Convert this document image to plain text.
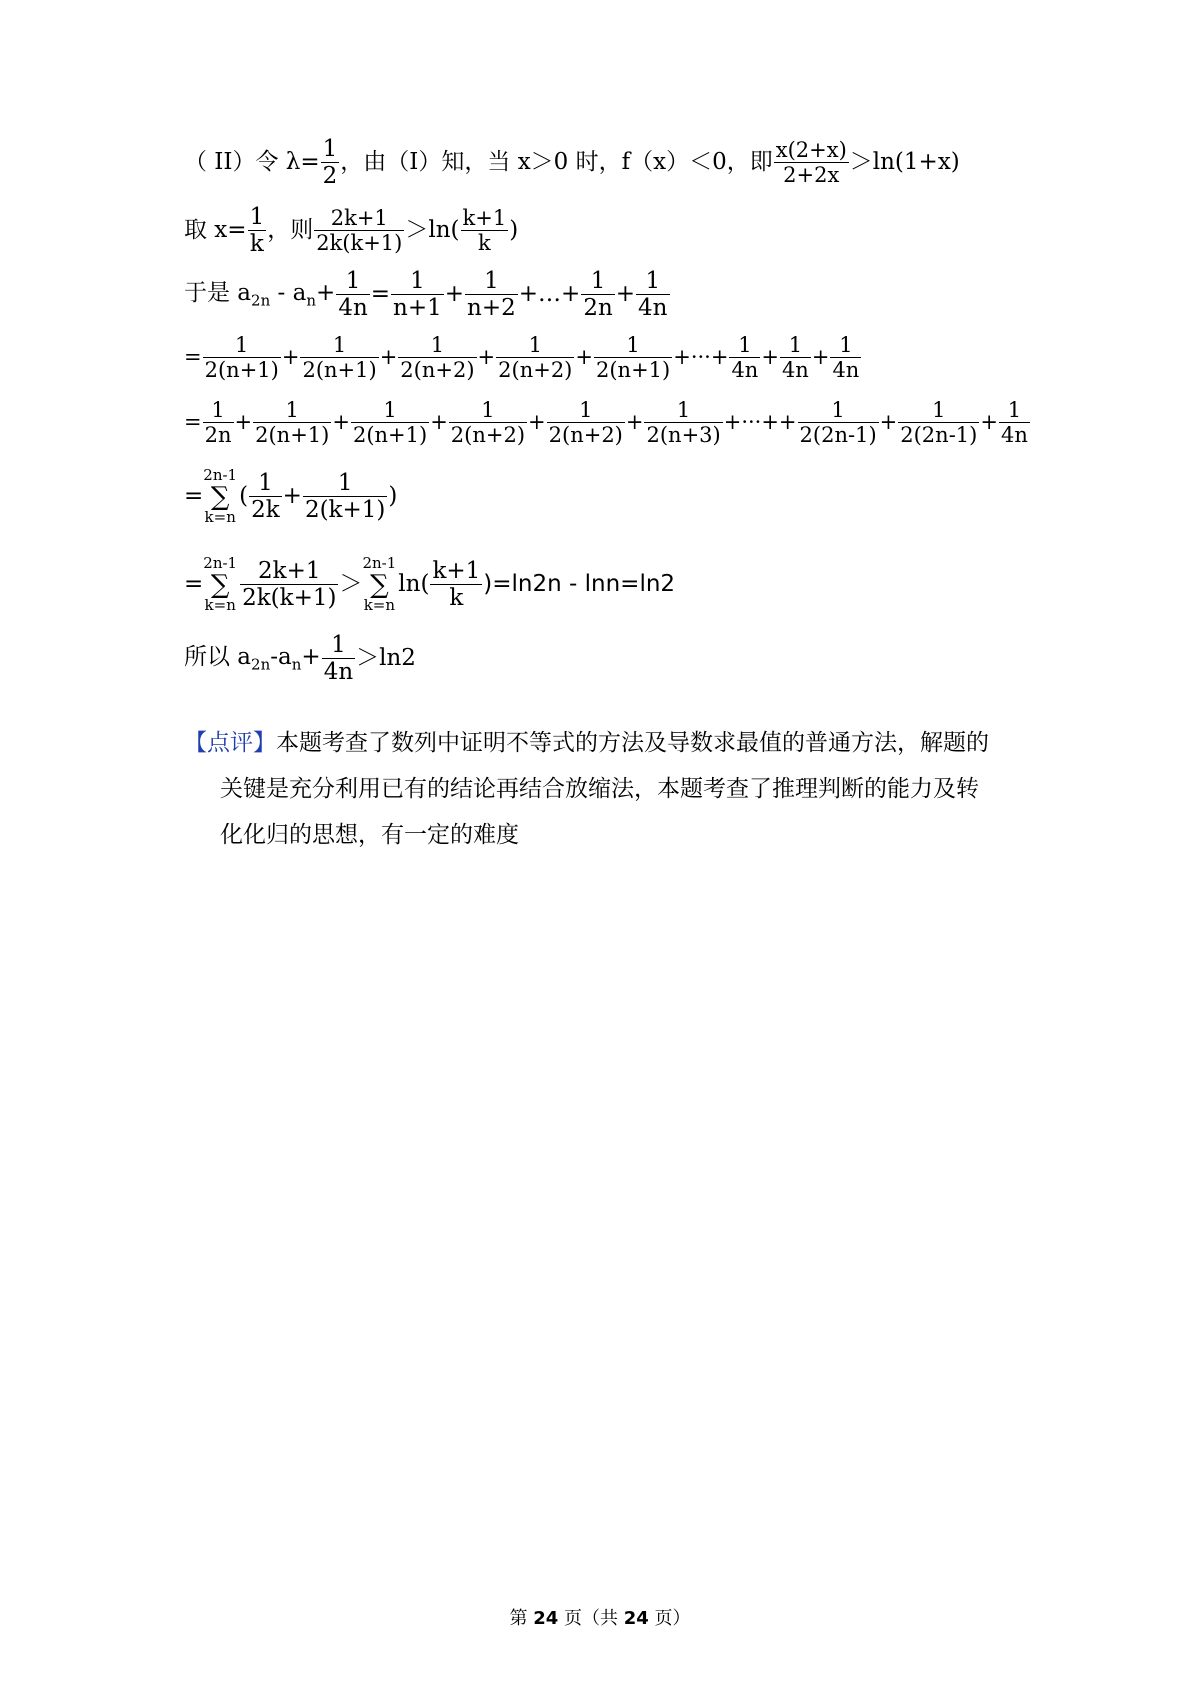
（ II）令 $\lambda= \frac{1}{2}$ ，由（I）知，当 x＞0 时，f（x）＜0，即 $\frac{x(2+x)}{2+2x} >\ln(1+x)$
取 $x= \frac{1}{k}$ ，则 $\frac{2k+1}{2k(k+1)} >\ln( \frac{k+1}{k}$ )
于是 $a_{2n} - a_n+ \frac{1}{4n} = \frac{1}{n+1} + \frac{1}{n+2}$ +…+ $\frac{1}{2n} + \frac{1}{4n}$
= $\frac{1}{2(n+1)} + \frac{1}{2(n+1)} + \frac{1}{2(n+2)} + \frac{1}{2(n+2)} + \frac{1}{2(n+1)}$ +···+ $\frac{1}{4n} + \frac{1}{4n} + \frac{1}{4n}$
= $\frac{1}{2n} + \frac{1}{2(n+1)} + \frac{1}{2(n+1)} + \frac{1}{2(n+2)} + \frac{1}{2(n+2)} + \frac{1}{2(n+3)}$ +···++ $\frac{1}{2(2n-1)} + \frac{1}{2(2n-1)} + \frac{1}{4n}$
=2n-1
∑
$k=n( \frac{1}{2k} + \frac{1}{2(k+1)}$ )
=2n-1
∑
$k=n \frac{2k+1}{2k(k+1)} >2n-1$
∑
$k=nln( \frac{k+1}{k} )=\ln 2n - \ln n=\ln 2$
所以 $a_{2n}-a_n+ \frac{1}{4n} >\ln 2$
【点评】本题考查了数列中证明不等式的方法及导数求最值的普通方法，解题的
关键是充分利用已有的结论再结合放缩法，本题考查了推理判断的能力及转
化化归的思想，有一定的难度
第 24 页（共 24 页）
